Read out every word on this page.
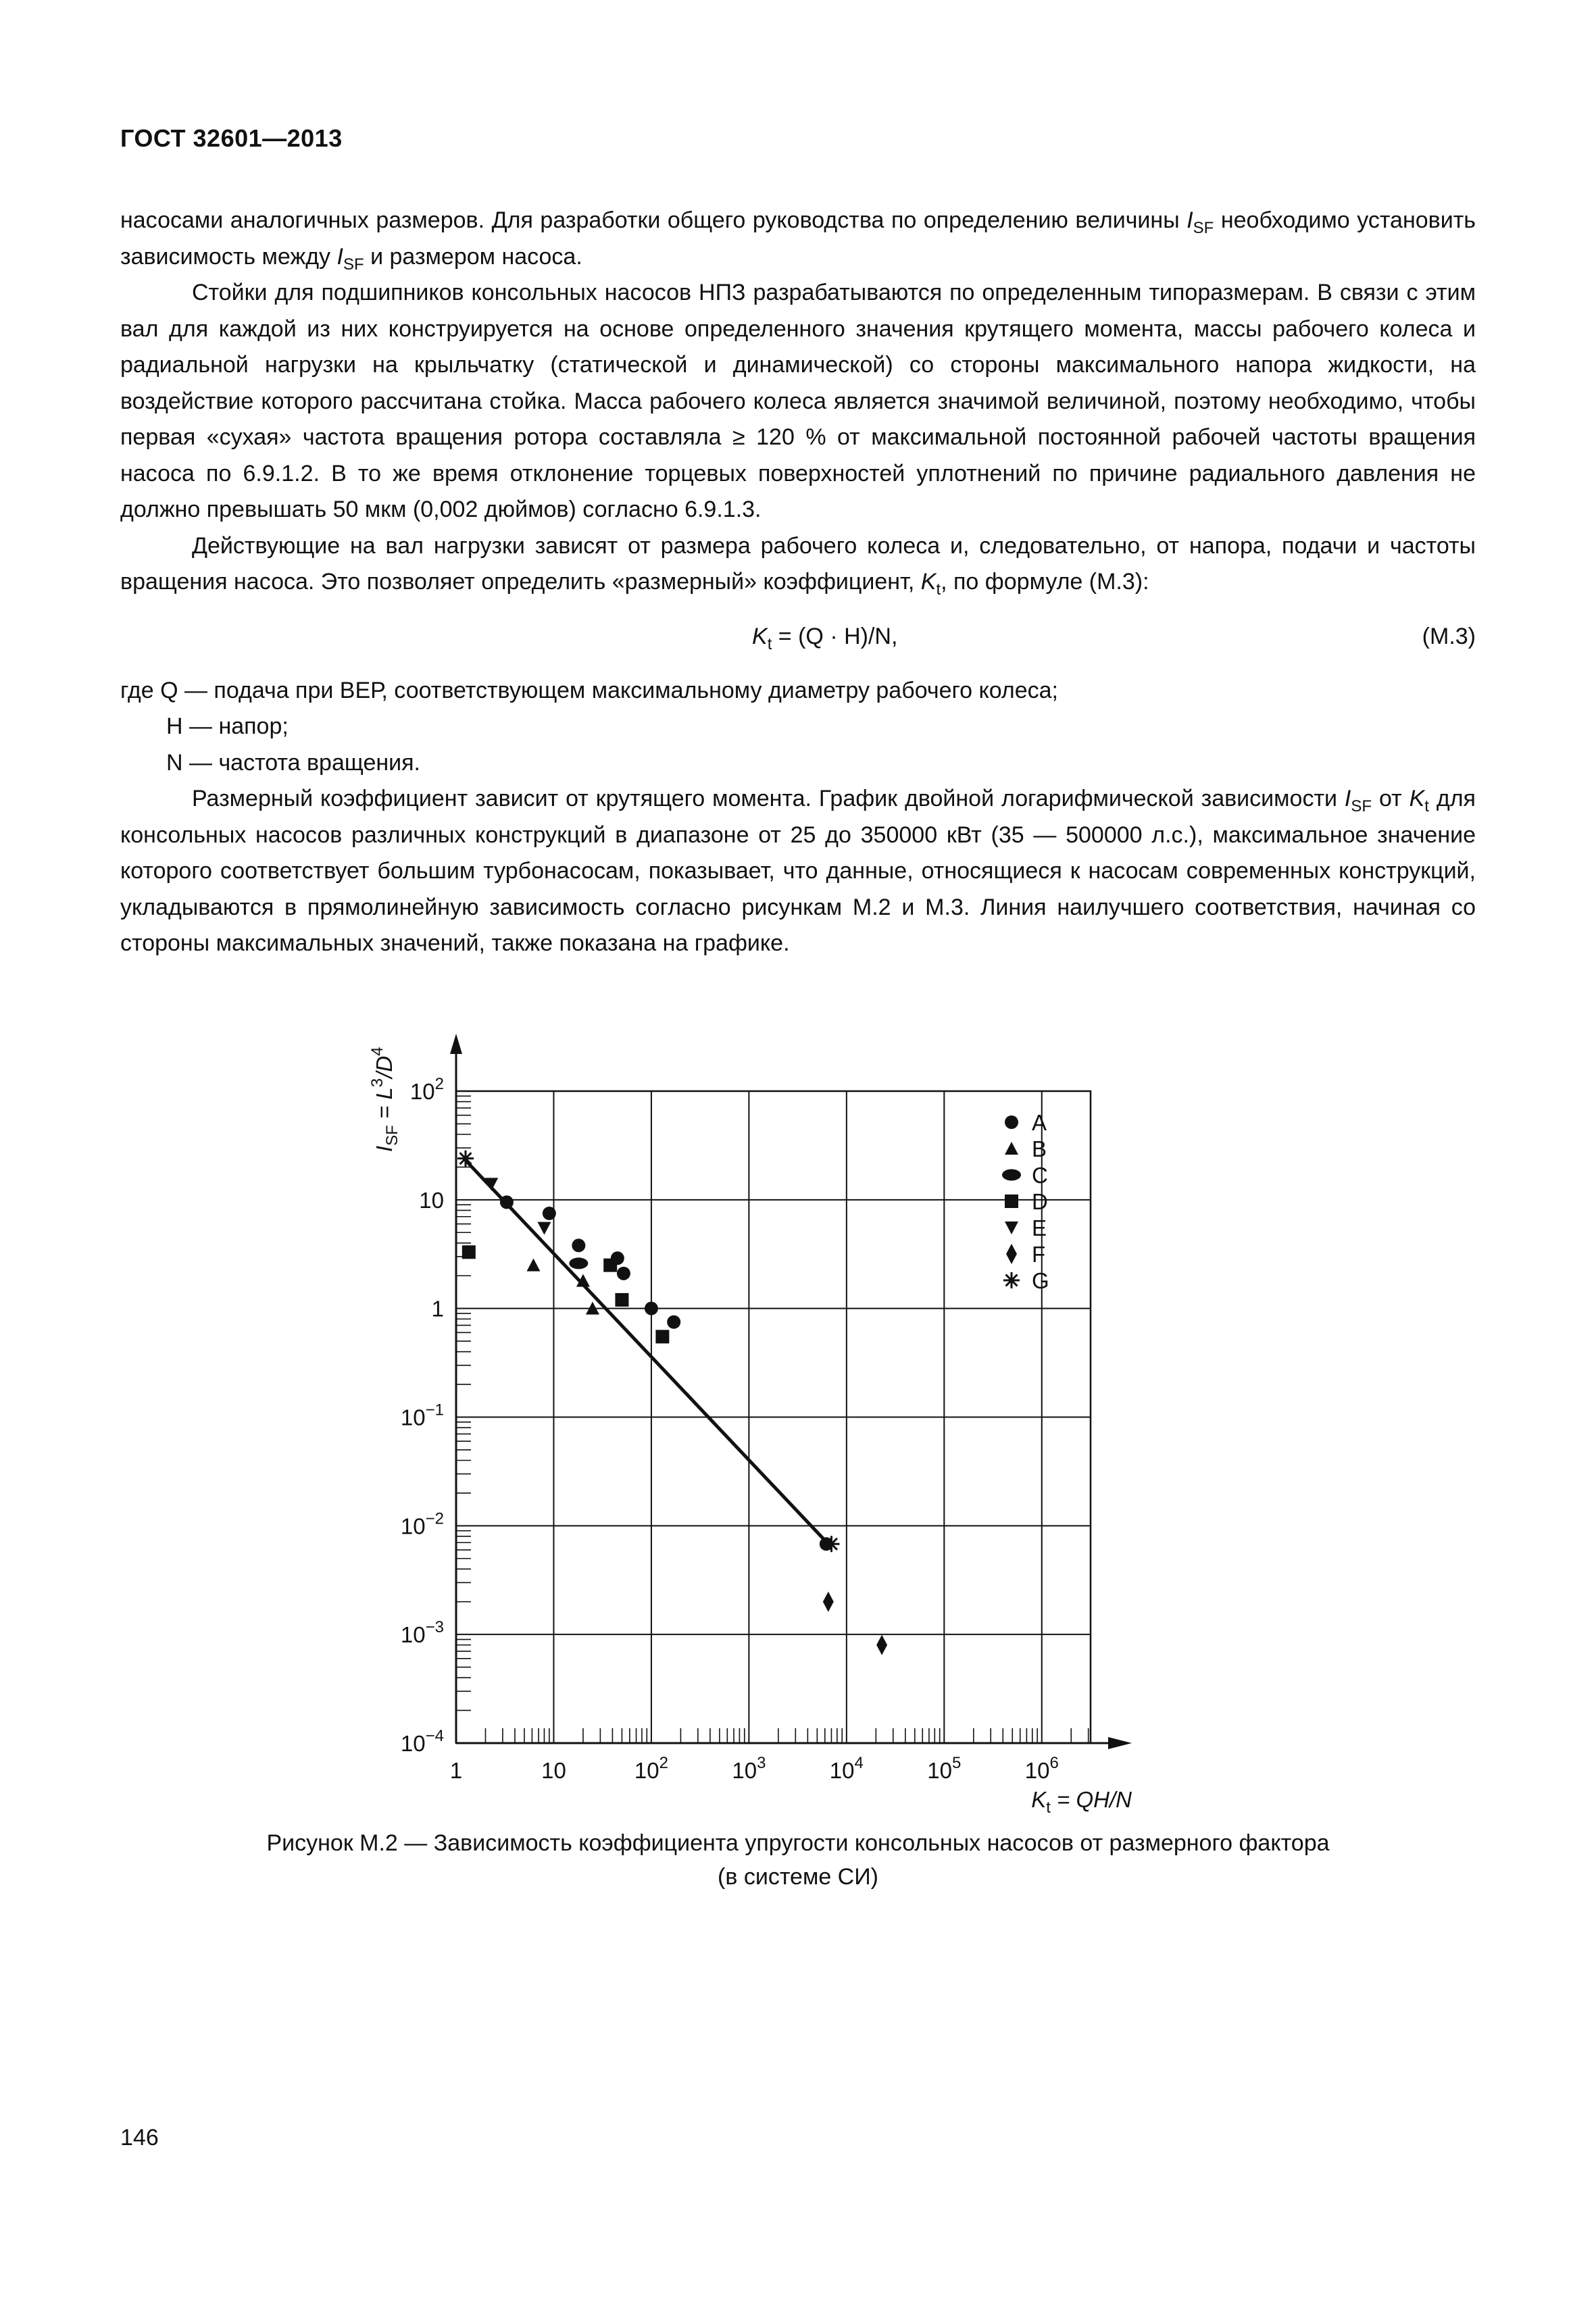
ГОСТ 32601—2013

насосами аналогичных размеров. Для разработки общего руководства по определению величины $I_{SF}$ необходимо установить зависимость между $I_{SF}$ и размером насоса.

Стойки для подшипников консольных насосов НПЗ разрабатываются по определенным типоразмерам. В связи с этим вал для каждой из них конструируется на основе определенного значения крутящего момента, массы рабочего колеса и радиальной нагрузки на крыльчатку (статической и динамической) со стороны максимального напора жидкости, на воздействие которого рассчитана стойка. Масса рабочего колеса является значимой величиной, поэтому необходимо, чтобы первая «сухая» частота вращения ротора составляла ≥ 120 % от максимальной постоянной рабочей частоты вращения насоса по 6.9.1.2. В то же время отклонение торцевых поверхностей уплотнений по причине радиального давления не должно превышать 50 мкм (0,002 дюймов) согласно 6.9.1.3.

Действующие на вал нагрузки зависят от размера рабочего колеса и, следовательно, от напора, подачи и частоты вращения насоса. Это позволяет определить «размерный» коэффициент, $K_t$, по формуле (М.3):

$K_t = (Q \cdot H)/N$,	(М.3)

где Q — подача при ВЕР, соответствующем максимальному диаметру рабочего колеса;

H — напор;

N — частота вращения.

Размерный коэффициент зависит от крутящего момента. График двойной логарифмической зависимости $I_{SF}$ от $K_t$ для консольных насосов различных конструкций в диапазоне от 25 до 350000 кВт (35 — 500000 л.с.), максимальное значение которого соответствует большим турбонасосам, показывает, что данные, относящиеся к насосам современных конструкций, укладываются в прямолинейную зависимость согласно рисункам М.2 и М.3. Линия наилучшего соответствия, начиная со стороны максимальных значений, также показана на графике.

1	10	$10^2$	$10^3$	$10^4$	$10^5$	$10^6$
$10^{-4}$
$10^{-3}$
$10^{-2}$
$10^{-1}$
1
10
$10^2$
$K_t = QH/N$
$I_{SF} = L^3/D^4$
A
B
C
D
E
F
G
Рисунок М.2 — Зависимость коэффициента упругости консольных насосов от размерного фактора
(в системе СИ)
146
